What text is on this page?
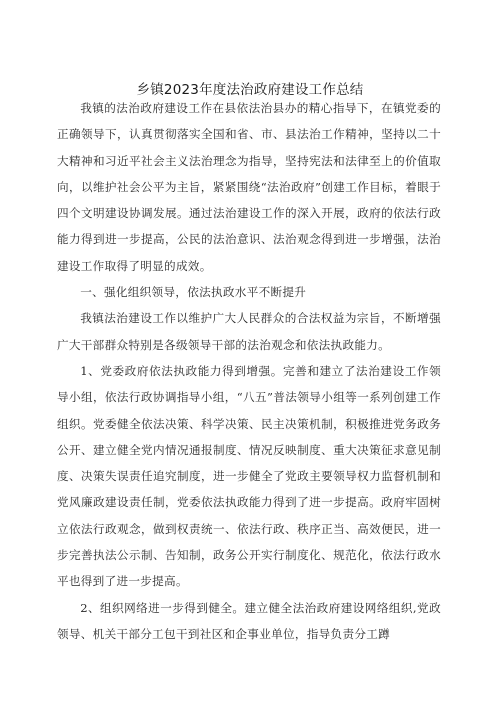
乡镇2023年度法治政府建设工作总结

我镇的法治政府建设工作在县依法治县办的精心指导下，在镇党委的正确领导下，认真贯彻落实全国和省、市、县法治工作精神，坚持以二十大精神和习近平社会主义法治理念为指导，坚持宪法和法律至上的价值取向，以维护社会公平为主旨，紧紧围绕“法治政府”创建工作目标，着眼于四个文明建设协调发展。通过法治建设工作的深入开展，政府的依法行政能力得到进一步提高，公民的法治意识、法治观念得到进一步增强，法治建设工作取得了明显的成效。

一、强化组织领导，依法执政水平不断提升

我镇法治建设工作以维护广大人民群众的合法权益为宗旨，不断增强广大干部群众特别是各级领导干部的法治观念和依法执政能力。

1、党委政府依法执政能力得到增强。完善和建立了法治建设工作领导小组，依法行政协调指导小组，“八五”普法领导小组等一系列创建工作组织。党委健全依法决策、科学决策、民主决策机制，积极推进党务政务公开、建立健全党内情况通报制度、情况反映制度、重大决策征求意见制度、决策失误责任追究制度，进一步健全了党政主要领导权力监督机制和党风廉政建设责任制，党委依法执政能力得到了进一步提高。政府牢固树立依法行政观念，做到权责统一、依法行政、秩序正当、高效便民，进一步完善执法公示制、告知制，政务公开实行制度化、规范化，依法行政水平也得到了进一步提高。

2、组织网络进一步得到健全。建立健全法治政府建设网络组织,党政领导、机关干部分工包干到社区和企事业单位，指导负责分工蹲
